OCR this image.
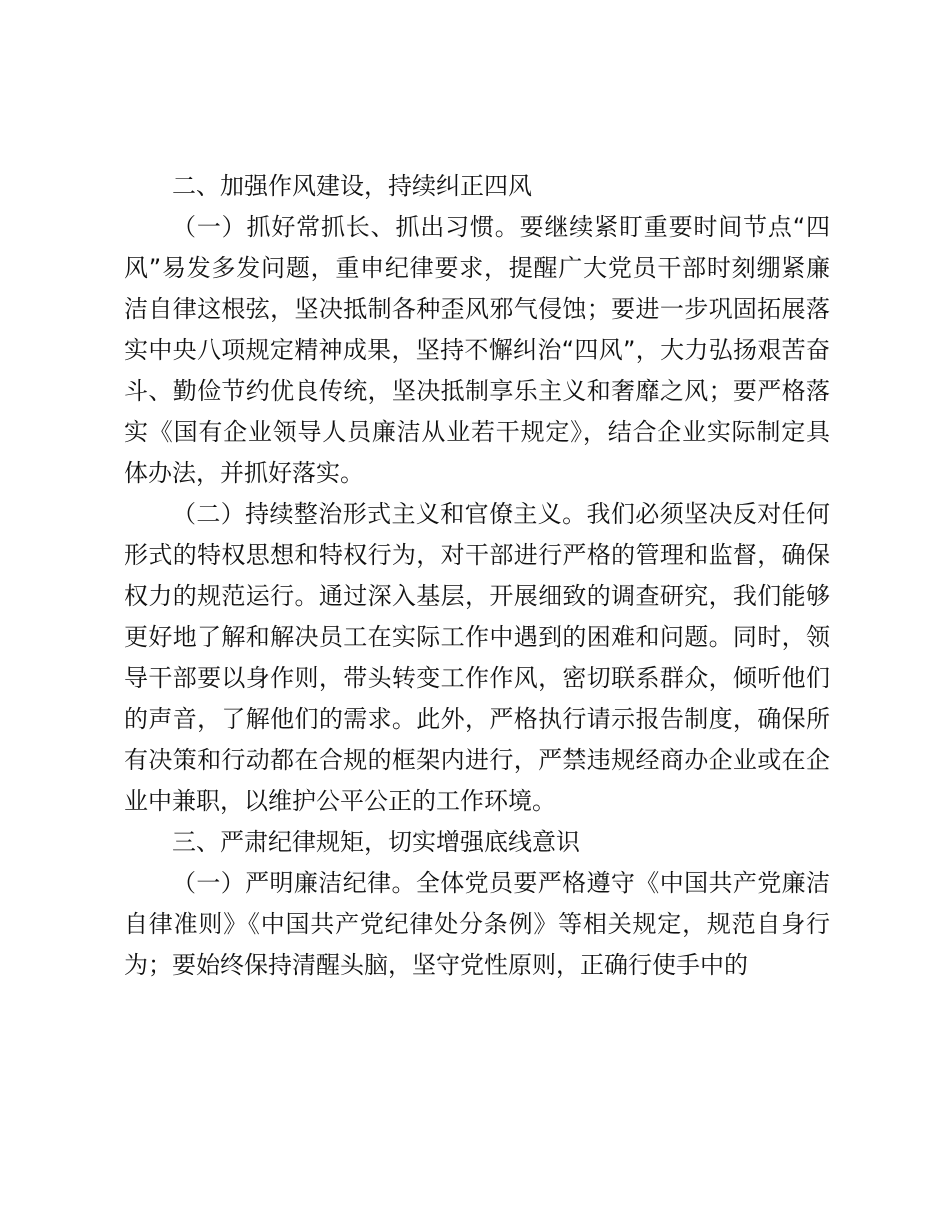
二、加强作风建设，持续纠正四风

（一）抓好常抓长、抓出习惯。要继续紧盯重要时间节点“四风”易发多发问题，重申纪律要求，提醒广大党员干部时刻绷紧廉洁自律这根弦，坚决抵制各种歪风邪气侵蚀；要进一步巩固拓展落实中央八项规定精神成果，坚持不懈纠治“四风”，大力弘扬艰苦奋斗、勤俭节约优良传统，坚决抵制享乐主义和奢靡之风；要严格落实《国有企业领导人员廉洁从业若干规定》，结合企业实际制定具体办法，并抓好落实。

（二）持续整治形式主义和官僚主义。我们必须坚决反对任何形式的特权思想和特权行为，对干部进行严格的管理和监督，确保权力的规范运行。通过深入基层，开展细致的调查研究，我们能够更好地了解和解决员工在实际工作中遇到的困难和问题。同时，领导干部要以身作则，带头转变工作作风，密切联系群众，倾听他们的声音，了解他们的需求。此外，严格执行请示报告制度，确保所有决策和行动都在合规的框架内进行，严禁违规经商办企业或在企业中兼职，以维护公平公正的工作环境。

三、严肃纪律规矩，切实增强底线意识

（一）严明廉洁纪律。全体党员要严格遵守《中国共产党廉洁自律准则》《中国共产党纪律处分条例》等相关规定，规范自身行为；要始终保持清醒头脑，坚守党性原则，正确行使手中的
